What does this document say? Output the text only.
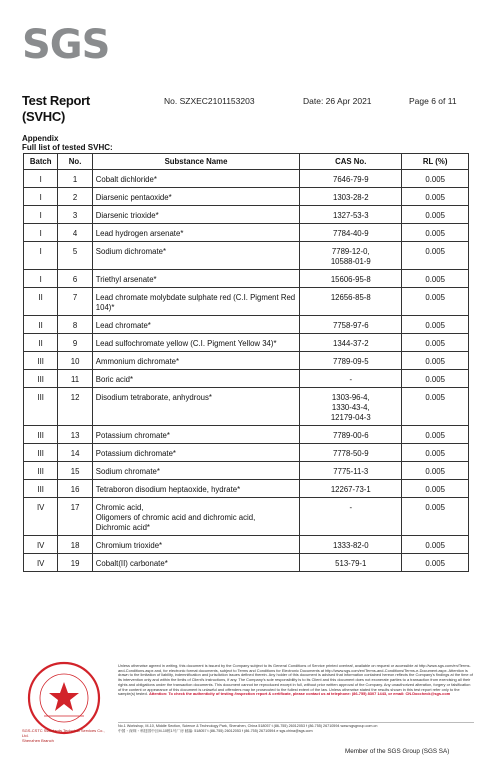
SGS
Test Report
(SVHC)
No. SZXEC2101153203	Date: 26 Apr 2021	Page 6 of 11
Appendix
Full list of tested SVHC:
Batch	No.	Substance Name	CAS No.	RL (%)
I	1	Cobalt dichloride*	7646-79-9	0.005
I	2	Diarsenic pentaoxide*	1303-28-2	0.005
I	3	Diarsenic trioxide*	1327-53-3	0.005
I	4	Lead hydrogen arsenate*	7784-40-9	0.005
I	5	Sodium dichromate*	7789-12-0,
10588-01-9	0.005
I	6	Triethyl arsenate*	15606-95-8	0.005
II	7	Lead chromate molybdate sulphate red (C.I. Pigment Red 104)*	12656-85-8	0.005
II	8	Lead chromate*	7758-97-6	0.005
II	9	Lead sulfochromate yellow (C.I. Pigment Yellow 34)*	1344-37-2	0.005
III	10	Ammonium dichromate*	7789-09-5	0.005
III	11	Boric acid*	-	0.005
III	12	Disodium tetraborate, anhydrous*	1303-96-4,
1330-43-4,
12179-04-3	0.005
III	13	Potassium chromate*	7789-00-6	0.005
III	14	Potassium dichromate*	7778-50-9	0.005
III	15	Sodium chromate*	7775-11-3	0.005
III	16	Tetraboron disodium heptaoxide, hydrate*	12267-73-1	0.005
IV	17	Chromic acid,
Oligomers of chromic acid and dichromic acid,
Dichromic acid*	-	0.005
IV	18	Chromium trioxide*	1333-82-0	0.005
IV	19	Cobalt(II) carbonate*	513-79-1	0.005
SGS-CSTC Standards Technical Services Co., Ltd.
Shenzhen Branch
Unless otherwise agreed in writing, this document is issued by the Company subject to its General Conditions of Service printed overleaf, available on request or accessible at http://www.sgs.com/en/Terms-and-Conditions.aspx and, for electronic format documents, subject to Terms and Conditions for Electronic Documents at http://www.sgs.com/en/Terms-and-Conditions/Terms-e-Document.aspx. Attention is drawn to the limitation of liability, indemnification and jurisdiction issues defined therein. Any holder of this document is advised that information contained hereon reflects the Company's findings at the time of its intervention only and within the limits of Client's instructions, if any. The Company's sole responsibility is to its Client and this document does not exonerate parties to a transaction from exercising all their rights and obligations under the transaction documents. This document cannot be reproduced except in full, without prior written approval of the Company. Any unauthorized alteration, forgery or falsification of the content or appearance of this document is unlawful and offenders may be prosecuted to the fullest extent of the law. Unless otherwise stated the results shown in this test report refer only to the sample(s) tested. Attention: To check the authenticity of testing /inspection report & certificate, please contact us at telephone: (86-755) 8307 1443, or email: CN.Doccheck@sgs.com
No.1 Workshop, M-10, Middle Section, Science & Technology Park, Shenzhen, China 518057 t (86-755) 26012053 f (86-755) 26710594 www.sgsgroup.com.cn
中国・深圳・科技园中区M-10栋1号厂房 邮编: 518057 t (86-755) 26012053 f (86-755) 26710594 e sgs.china@sgs.com
Member of the SGS Group (SGS SA)
